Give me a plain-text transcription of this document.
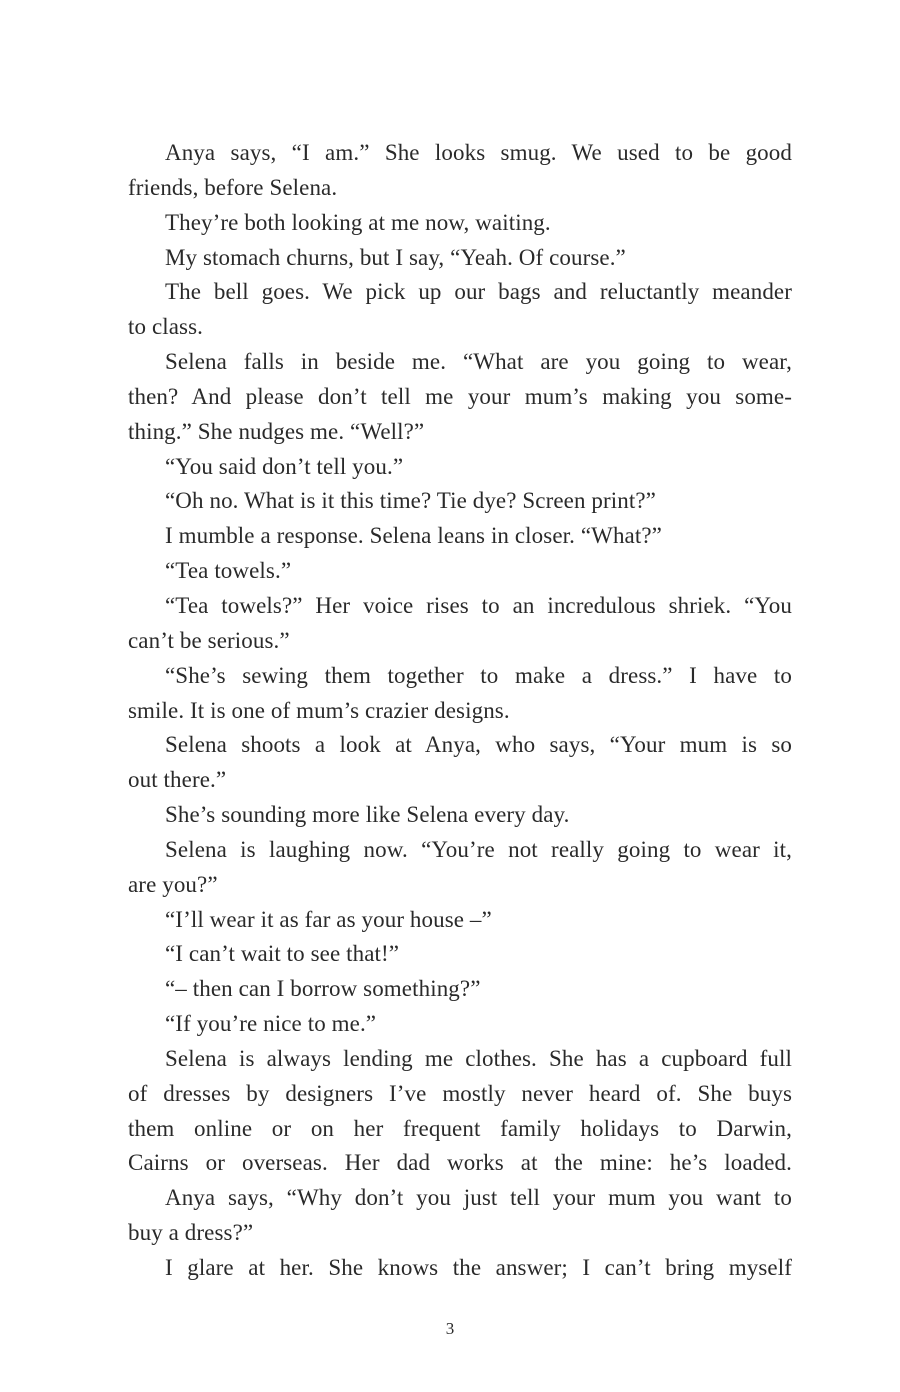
Anya says, “I am.” She looks smug. We used to be good
friends, before Selena.
They’re both looking at me now, waiting.
My stomach churns, but I say, “Yeah. Of course.”
The bell goes. We pick up our bags and reluctantly meander
to class.
Selena falls in beside me. “What are you going to wear,
then? And please don’t tell me your mum’s making you some-
thing.” She nudges me. “Well?”
“You said don’t tell you.”
“Oh no. What is it this time? Tie dye? Screen print?”
I mumble a response. Selena leans in closer. “What?”
“Tea towels.”
“Tea towels?” Her voice rises to an incredulous shriek. “You
can’t be serious.”
“She’s sewing them together to make a dress.” I have to
smile. It is one of mum’s crazier designs.
Selena shoots a look at Anya, who says, “Your mum is so
out there.”
She’s sounding more like Selena every day.
Selena is laughing now. “You’re not really going to wear it,
are you?”
“I’ll wear it as far as your house –”
“I can’t wait to see that!”
“– then can I borrow something?”
“If you’re nice to me.”
Selena is always lending me clothes. She has a cupboard full
of dresses by designers I’ve mostly never heard of. She buys
them online or on her frequent family holidays to Darwin,
Cairns or overseas. Her dad works at the mine: he’s loaded.
Anya says, “Why don’t you just tell your mum you want to
buy a dress?”
I glare at her. She knows the answer; I can’t bring myself
3
